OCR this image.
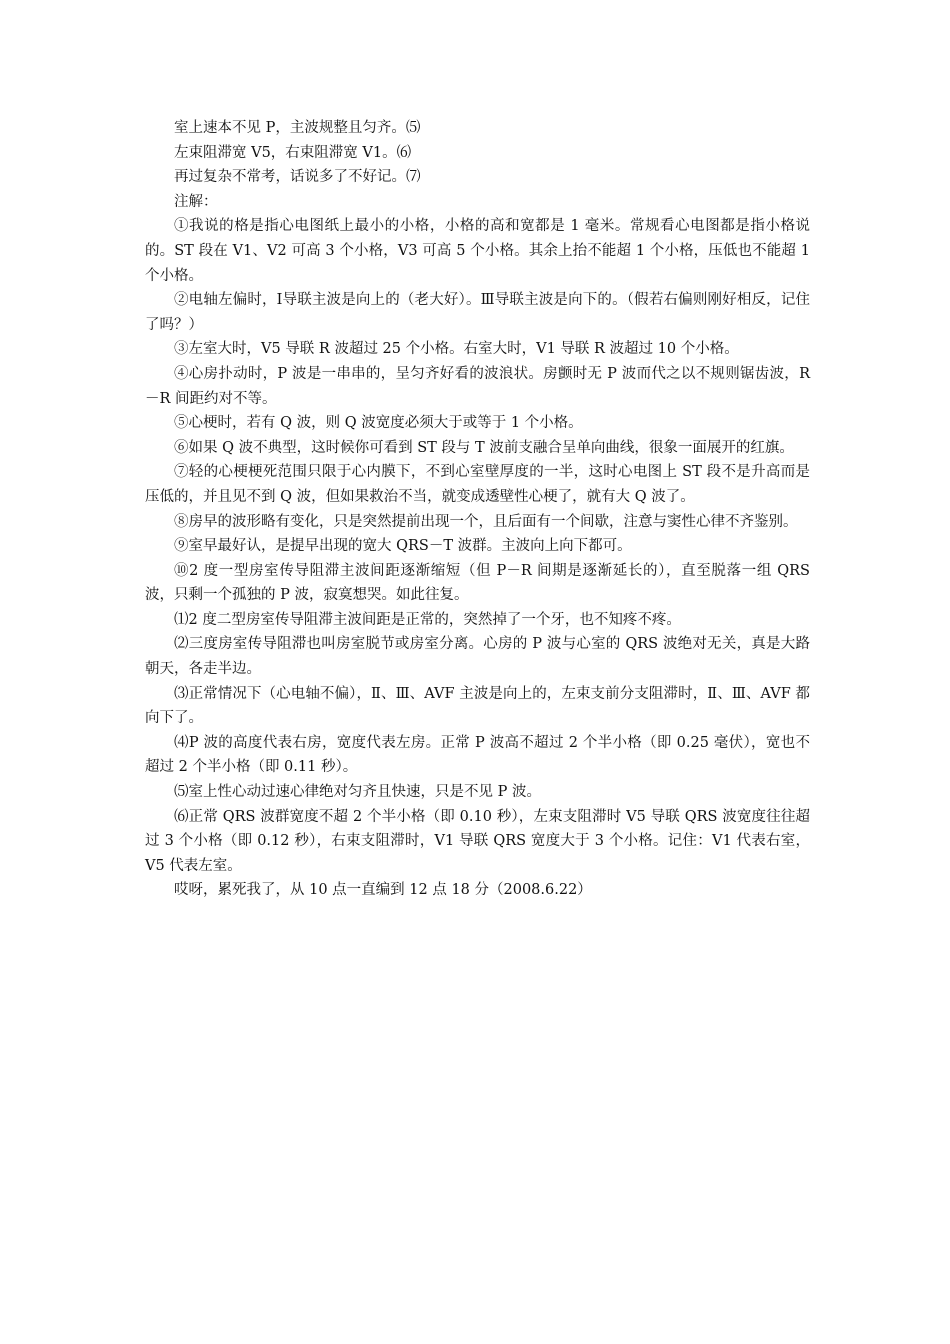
室上速本不见 P，主波规整且匀齐。⑸

左束阻滞宽 V5，右束阻滞宽 V1。⑹

再过复杂不常考，话说多了不好记。⑺

注解：

①我说的格是指心电图纸上最小的小格，小格的高和宽都是 1 毫米。常规看心电图都是指小格说的。ST 段在 V1、V2 可高 3 个小格，V3 可高 5 个小格。其余上抬不能超 1 个小格，压低也不能超 1 个小格。

②电轴左偏时，Ⅰ导联主波是向上的（老大好）。Ⅲ导联主波是向下的。（假若右偏则刚好相反，记住了吗？）

③左室大时，V5 导联 R 波超过 25 个小格。右室大时，V1 导联 R 波超过 10 个小格。

④心房扑动时，P 波是一串串的，呈匀齐好看的波浪状。房颤时无 P 波而代之以不规则锯齿波，R－R 间距约对不等。

⑤心梗时，若有 Q 波，则 Q 波宽度必须大于或等于 1 个小格。

⑥如果 Q 波不典型，这时候你可看到 ST 段与 T 波前支融合呈单向曲线，很象一面展开的红旗。

⑦轻的心梗梗死范围只限于心内膜下，不到心室壁厚度的一半，这时心电图上 ST 段不是升高而是压低的，并且见不到 Q 波，但如果救治不当，就变成透壁性心梗了，就有大 Q 波了。

⑧房早的波形略有变化，只是突然提前出现一个，且后面有一个间歇，注意与窦性心律不齐鉴别。

⑨室早最好认，是提早出现的宽大 QRS－T 波群。主波向上向下都可。

⑩2 度一型房室传导阻滞主波间距逐渐缩短（但 P－R 间期是逐渐延长的），直至脱落一组 QRS 波，只剩一个孤独的 P 波，寂寞想哭。如此往复。

⑴2 度二型房室传导阻滞主波间距是正常的，突然掉了一个牙，也不知疼不疼。

⑵三度房室传导阻滞也叫房室脱节或房室分离。心房的 P 波与心室的 QRS 波绝对无关，真是大路朝天，各走半边。

⑶正常情况下（心电轴不偏），Ⅱ、Ⅲ、AVF 主波是向上的，左束支前分支阻滞时，Ⅱ、Ⅲ、AVF 都向下了。

⑷P 波的高度代表右房，宽度代表左房。正常 P 波高不超过 2 个半小格（即 0.25 毫伏），宽也不超过 2 个半小格（即 0.11 秒）。

⑸室上性心动过速心律绝对匀齐且快速，只是不见 P 波。

⑹正常 QRS 波群宽度不超 2 个半小格（即 0.10 秒），左束支阻滞时 V5 导联 QRS 波宽度往往超过 3 个小格（即 0.12 秒），右束支阻滞时，V1 导联 QRS 宽度大于 3 个小格。记住：V1 代表右室，V5 代表左室。

哎呀，累死我了，从 10 点一直编到 12 点 18 分（2008.6.22）
